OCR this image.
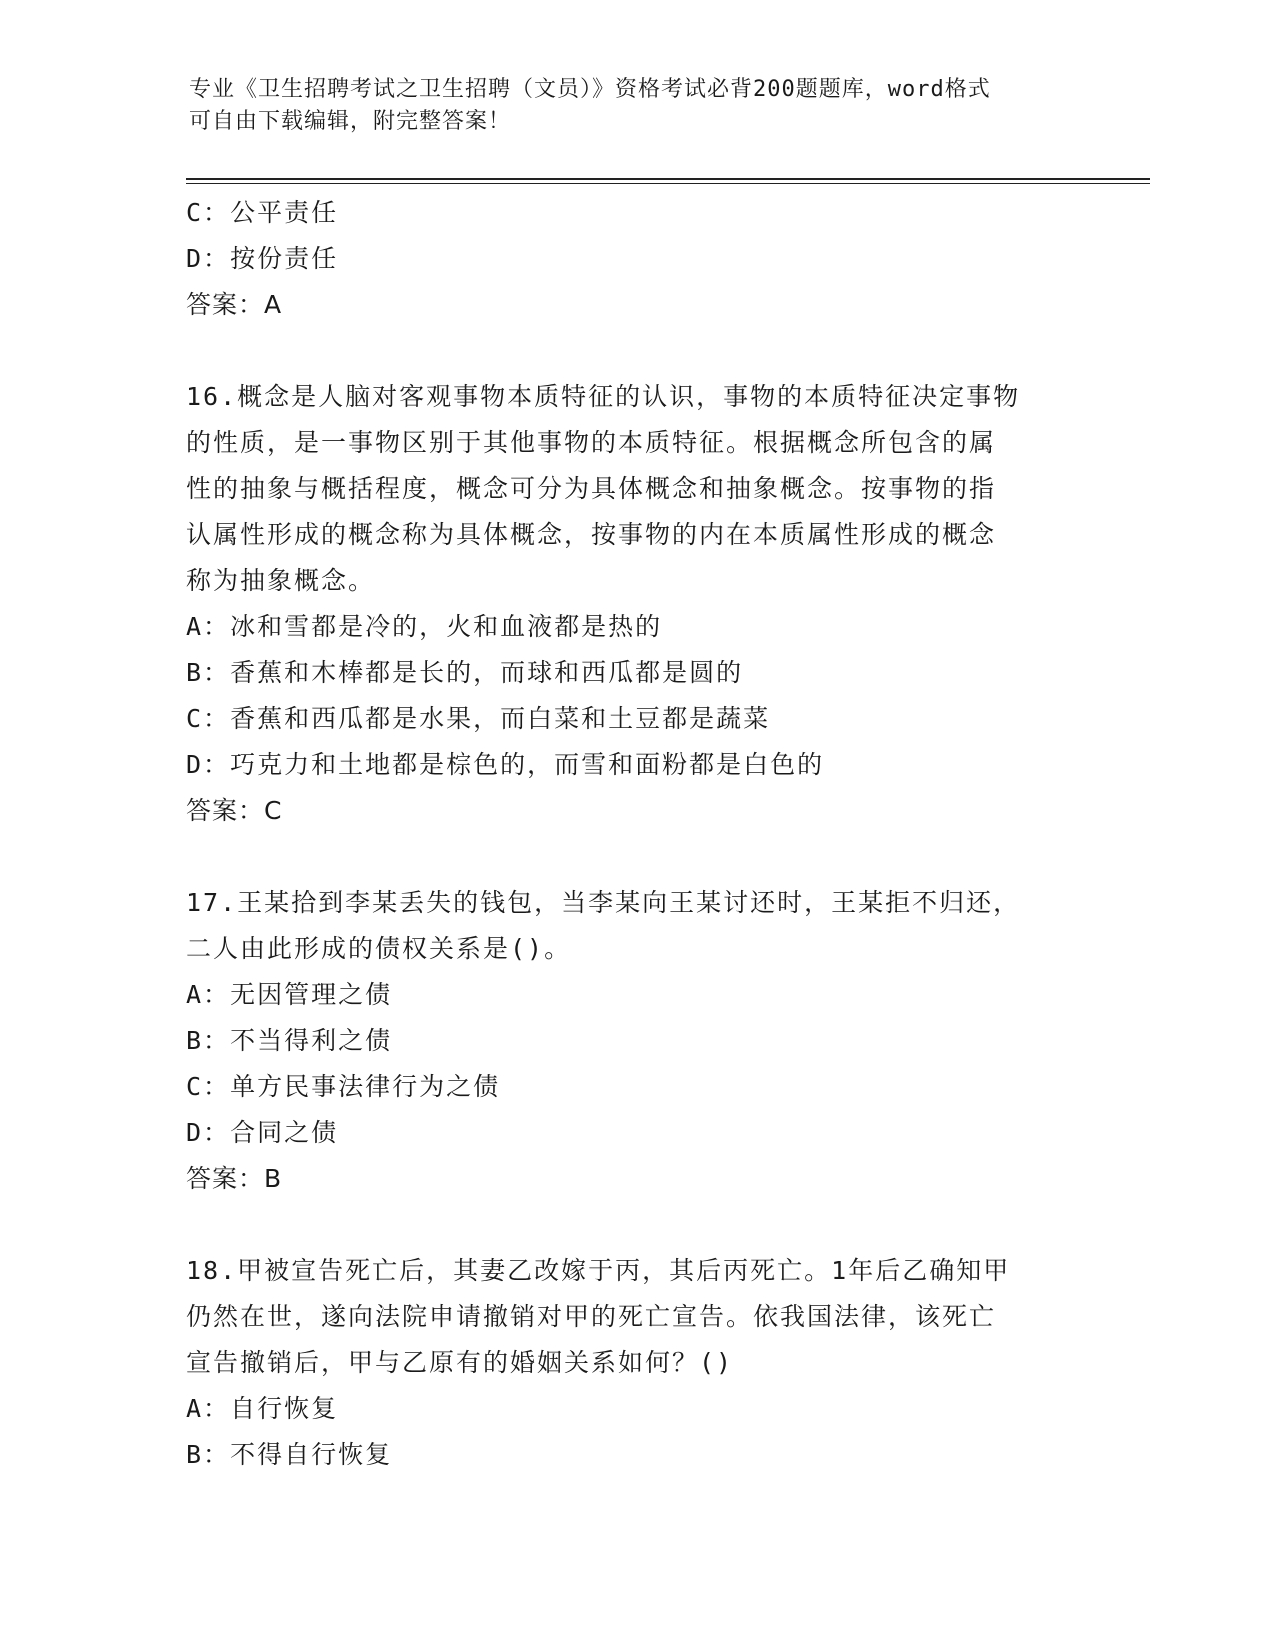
专业《卫生招聘考试之卫生招聘（文员）》资格考试必背200题题库，word格式
可自由下载编辑，附完整答案！
C：公平责任
D：按份责任
答案：A
16.概念是人脑对客观事物本质特征的认识，事物的本质特征决定事物
的性质，是一事物区别于其他事物的本质特征。根据概念所包含的属
性的抽象与概括程度，概念可分为具体概念和抽象概念。按事物的指
认属性形成的概念称为具体概念，按事物的内在本质属性形成的概念
称为抽象概念。
A：冰和雪都是冷的，火和血液都是热的
B：香蕉和木棒都是长的，而球和西瓜都是圆的
C：香蕉和西瓜都是水果，而白菜和土豆都是蔬菜
D：巧克力和土地都是棕色的，而雪和面粉都是白色的
答案：C
17.王某拾到李某丢失的钱包，当李某向王某讨还时，王某拒不归还，
二人由此形成的债权关系是()。
A：无因管理之债
B：不当得利之债
C：单方民事法律行为之债
D：合同之债
答案：B
18.甲被宣告死亡后，其妻乙改嫁于丙，其后丙死亡。1年后乙确知甲
仍然在世，遂向法院申请撤销对甲的死亡宣告。依我国法律，该死亡
宣告撤销后，甲与乙原有的婚姻关系如何？()
A：自行恢复
B：不得自行恢复
